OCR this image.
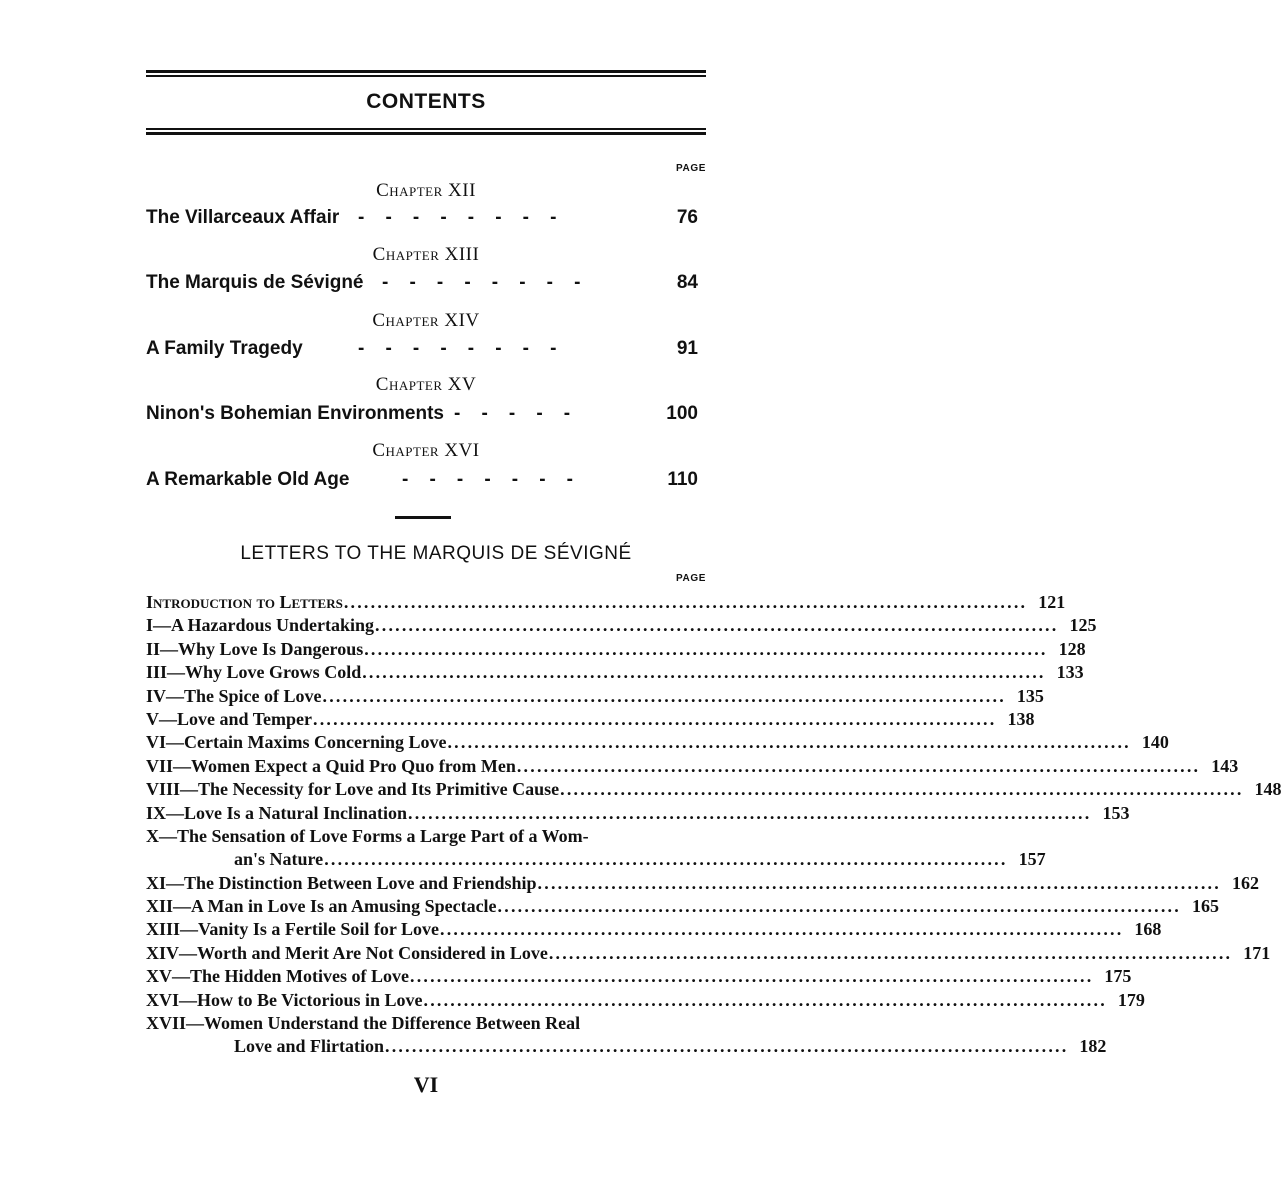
CONTENTS
PAGE
Chapter XII
The Villarceaux Affair -    -    -    -    -    -    -    -	76
Chapter XIII
The Marquis de Sévigné -    -    -    -    -    -    -    -	84
Chapter XIV
A Family Tragedy	-    -    -    -    -    -    -    -	91
Chapter XV
Ninon's Bohemian Environments -    -    -    -    -	100
Chapter XVI
A Remarkable Old Age	-    -    -    -    -    -    -	110
LETTERS TO THE MARQUIS DE SÉVIGNÉ
PAGE
Introduction to Letters ...................................................................................................... 121
I—A Hazardous Undertaking ...................................................................................................... 125
II—Why Love Is Dangerous ...................................................................................................... 128
III—Why Love Grows Cold ...................................................................................................... 133
IV—The Spice of Love ...................................................................................................... 135
V—Love and Temper ...................................................................................................... 138
VI—Certain Maxims Concerning Love ...................................................................................................... 140
VII—Women Expect a Quid Pro Quo from Men ...................................................................................................... 143
VIII—The Necessity for Love and Its Primitive Cause ...................................................................................................... 148
IX—Love Is a Natural Inclination ...................................................................................................... 153
X—The Sensation of Love Forms a Large Part of a Wom-
an's Nature ...................................................................................................... 157
XI—The Distinction Between Love and Friendship ...................................................................................................... 162
XII—A Man in Love Is an Amusing Spectacle ...................................................................................................... 165
XIII—Vanity Is a Fertile Soil for Love ...................................................................................................... 168
XIV—Worth and Merit Are Not Considered in Love ...................................................................................................... 171
XV—The Hidden Motives of Love ...................................................................................................... 175
XVI—How to Be Victorious in Love ...................................................................................................... 179
XVII—Women Understand the Difference Between Real
Love and Flirtation ...................................................................................................... 182
VI
